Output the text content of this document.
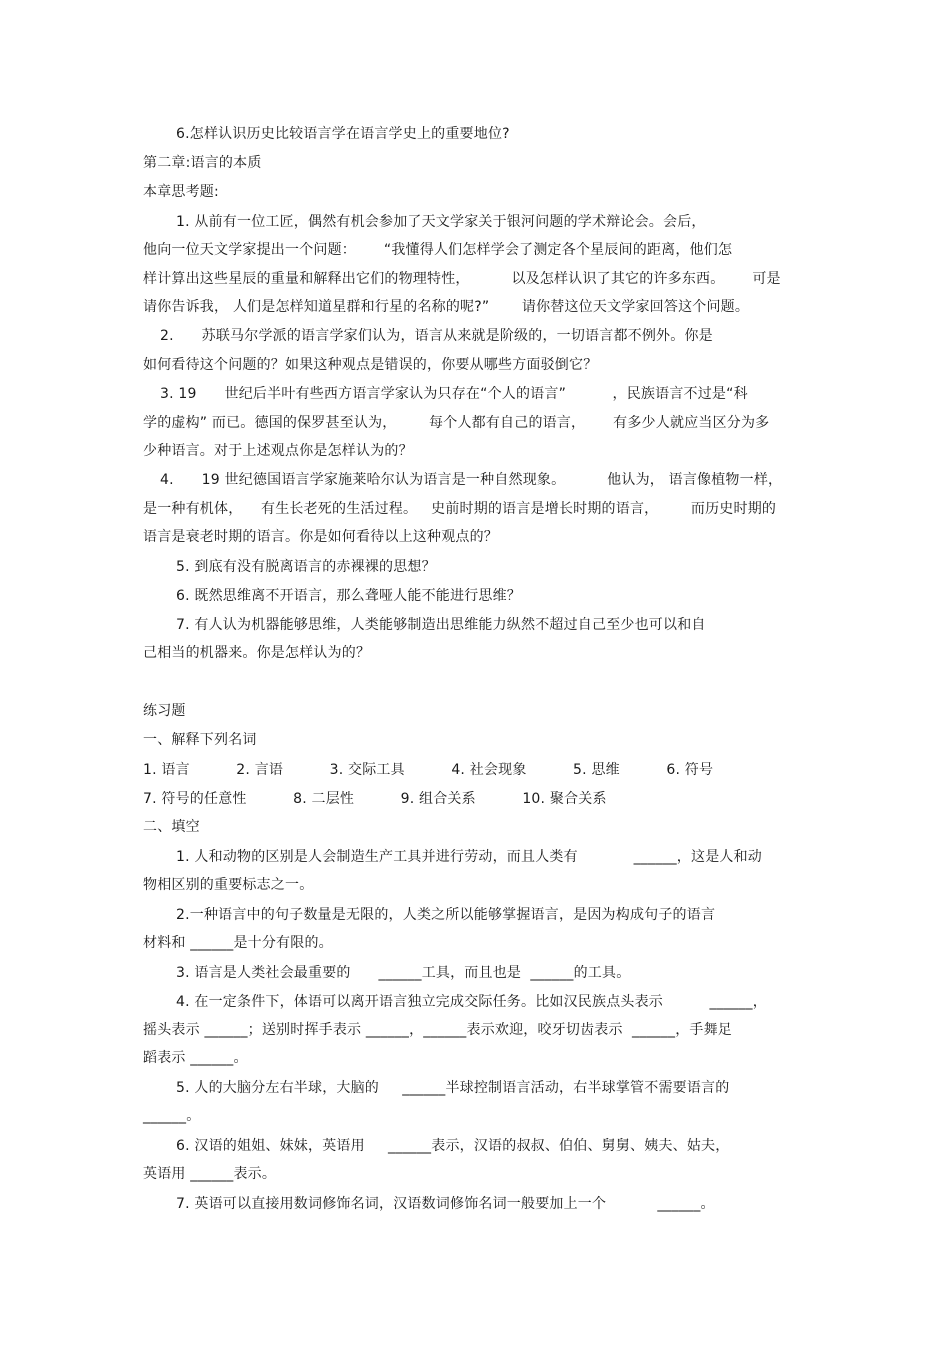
6.怎样认识历史比较语言学在语言学史上的重要地位?
第二章:语言的本质
本章思考题:
1. 从前有一位工匠，偶然有机会参加了天文学家关于银河问题的学术辩论会。会后，
他向一位天文学家提出一个问题：      “我懂得人们怎样学会了测定各个星辰间的距离，他们怎
样计算出这些星辰的重量和解释出它们的物理特性，         以及怎样认识了其它的许多东西。      可是
请你告诉我， 人们是怎样知道星群和行星的名称的呢?”       请你替这位天文学家回答这个问题。
2.      苏联马尔学派的语言学家们认为，语言从来就是阶级的，一切语言都不例外。你是
如何看待这个问题的？如果这种观点是错误的，你要从哪些方面驳倒它？
3. 19      世纪后半叶有些西方语言学家认为只存在“个人的语言”          ，民族语言不过是“科
学的虚构” 而已。德国的保罗甚至认为，       每个人都有自己的语言，      有多少人就应当区分为多
少种语言。对于上述观点你是怎样认为的？
4.      19 世纪德国语言学家施莱哈尔认为语言是一种自然现象。         他认为， 语言像植物一样，
是一种有机体，    有生长老死的生活过程。   史前时期的语言是增长时期的语言，       而历史时期的
语言是衰老时期的语言。你是如何看待以上这种观点的？
5. 到底有没有脱离语言的赤裸裸的思想？
6. 既然思维离不开语言，那么聋哑人能不能进行思维？
7. 有人认为机器能够思维，人类能够制造出思维能力纵然不超过自己至少也可以和自
己相当的机器来。你是怎样认为的？
练习题
一、解释下列名词
1. 语言          2. 言语          3. 交际工具          4. 社会现象          5. 思维          6. 符号
7. 符号的任意性          8. 二层性          9. 组合关系          10. 聚合关系
二、填空
1. 人和动物的区别是人会制造生产工具并进行劳动，而且人类有            ______，这是人和动
物相区别的重要标志之一。
2.一种语言中的句子数量是无限的，人类之所以能够掌握语言，是因为构成句子的语言
材料和 ______是十分有限的。
3. 语言是人类社会最重要的      ______工具，而且也是  ______的工具。
4. 在一定条件下，体语可以离开语言独立完成交际任务。比如汉民族点头表示          ______，
摇头表示 ______；送别时挥手表示 ______，______表示欢迎，咬牙切齿表示  ______，手舞足
蹈表示 ______。
5. 人的大脑分左右半球，大脑的     ______半球控制语言活动，右半球掌管不需要语言的
______。
6. 汉语的姐姐、妹妹，英语用     ______表示，汉语的叔叔、伯伯、舅舅、姨夫、姑夫，
英语用 ______表示。
7. 英语可以直接用数词修饰名词，汉语数词修饰名词一般要加上一个           ______。
